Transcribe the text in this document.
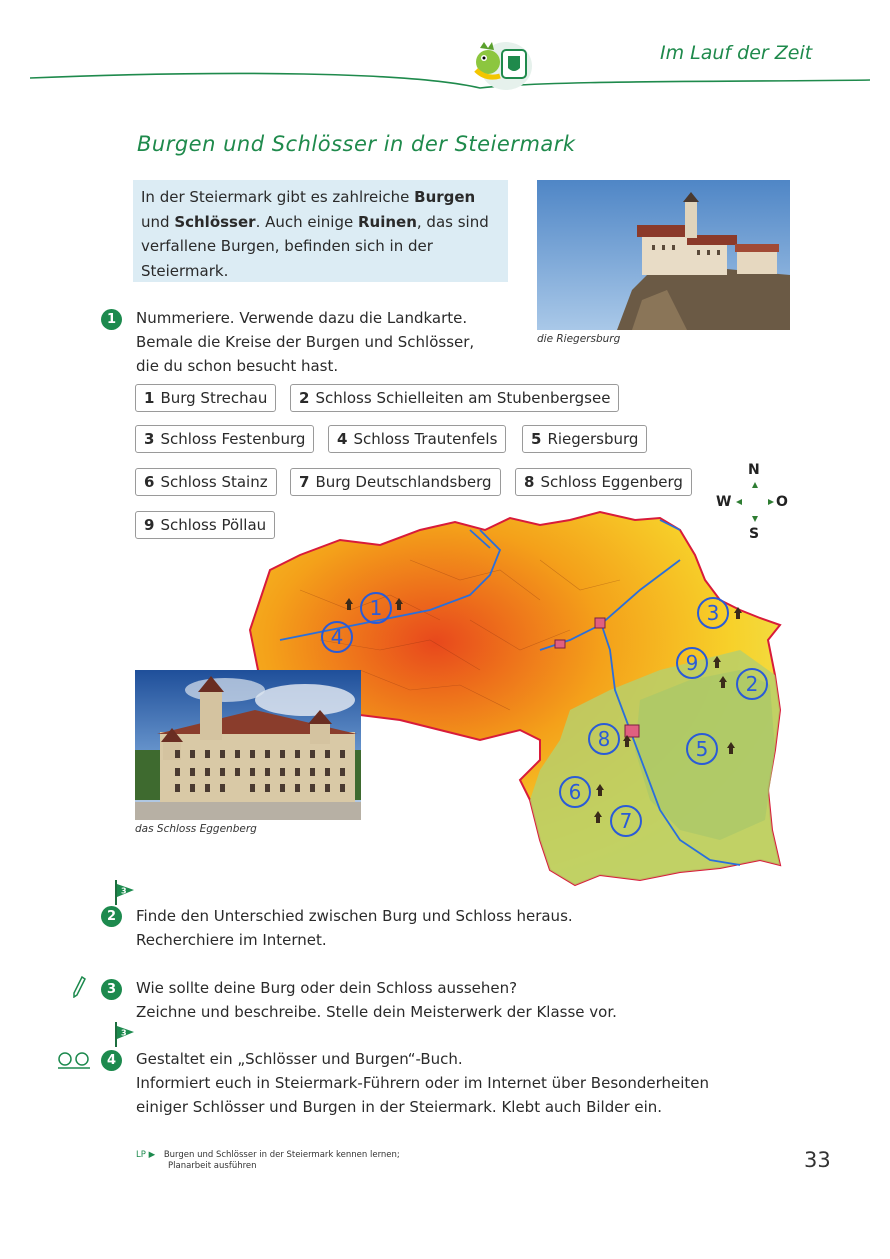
Im Lauf der Zeit
Burgen und Schlösser in der Steiermark
In der Steiermark gibt es zahlreiche Burgen und Schlösser. Auch einige Ruinen, das sind verfallene Burgen, befinden sich in der Steiermark.
die Riegersburg
1	Nummeriere. Verwende dazu die Landkarte.
Bemale die Kreise der Burgen und Schlösser,
die du schon besucht hast.
1 Burg Strechau	2 Schloss Schielleiten am Stubenbergsee
3 Schloss Festenburg	4 Schloss Trautenfels	5 Riegersburg
6 Schloss Stainz	7 Burg Deutschlandsberg	8 Schloss Eggenberg
9 Schloss Pöllau
N
W	O
S
1
4
3
9
2
8	5
6
7
das Schloss Eggenberg
3
2	Finde den Unterschied zwischen Burg und Schloss heraus.
Recherchiere im Internet.
3	Wie sollte deine Burg oder dein Schloss aussehen?
Zeichne und beschreibe. Stelle dein Meisterwerk der Klasse vor.
3
4	Gestaltet ein „Schlösser und Burgen“-Buch.
Informiert euch in Steiermark-Führern oder im Internet über Besonderheiten
einiger Schlösser und Burgen in der Steiermark. Klebt auch Bilder ein.
LP ▶ Burgen und Schlösser in der Steiermark kennen lernen;
Planarbeit ausführen	33
